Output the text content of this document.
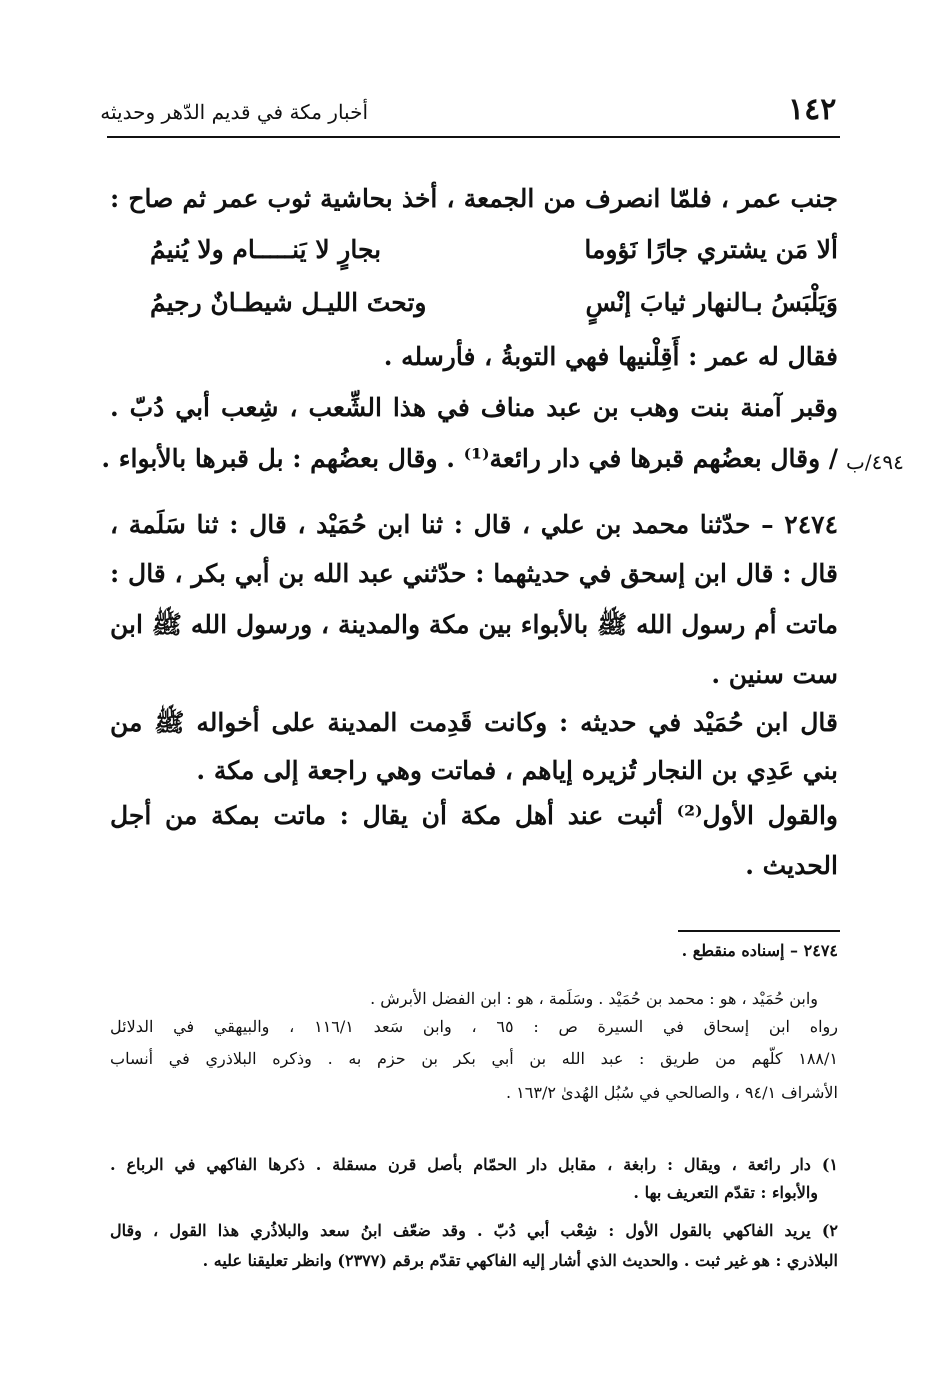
١٤٢
أخبار مكة في قديم الدّهر وحديثه
جنب عمر ، فلمّا انصرف من الجمعة ، أخذ بحاشية ثوب عمر ثم صاح :
ألا مَن يشتري جارًا نَؤوما
بجارٍ لا يَنـــــام ولا يُنيمُ
وَيَلْبَسُ بـالنهار ثيابَ إنْسٍ
وتحتَ الليـل شيطـانٌ رجيمُ
فقال له عمر : أَقِلْنيها فهي التوبةُ ، فأرسله .
وقبر آمنة بنت وهب بن عبد مناف في هذا الشِّعب ، شِعب أبي دُبّ .
/ وقال بعضُهم قبرها في دار رائعة⁽¹⁾ . وقال بعضُهم : بل قبرها بالأبواء . ٤٩٤/ب
٢٤٧٤ – حدّثنا محمد بن علي ، قال : ثنا ابن حُمَيْد ، قال : ثنا سَلَمة ،
قال : قال ابن إسحق في حديثهما : حدّثني عبد الله بن أبي بكر ، قال :
ماتت أم رسول الله ﷺ بالأبواء بين مكة والمدينة ، ورسول الله ﷺ ابن
ست سنين .
قال ابن حُمَيْد في حديثه : وكانت قَدِمت المدينة على أخواله ﷺ من
بني عَدِي بن النجار تُزيره إياهم ، فماتت وهي راجعة إلى مكة .
والقول الأول⁽²⁾ أثبت عند أهل مكة أن يقال : ماتت بمكة من أجل
الحديث .
٢٤٧٤ – إسناده منقطع .
وابن حُمَيْد ، هو : محمد بن حُمَيْد . وسَلَمة ، هو : ابن الفضل الأبرش .
رواه ابن إسحاق في السيرة ص : ٦٥ ، وابن سَعد ١١٦/١ ، والبيهقي في الدلائل
١٨٨/١ كلّهم من طريق : عبد الله بن أبي بكر بن حزم به . وذكره البلاذري في أنساب
الأشراف ٩٤/١ ، والصالحي في سُبُل الهُدىٰ ١٦٣/٢ .
١) دار رائعة ، ويقال : رابغة ، مقابل دار الحمّام بأصل قرن مسقلة . ذكرها الفاكهي في الرباع .
والأبواء : تقدّم التعريف بها .
٢) يريد الفاكهي بالقول الأول : شِعْب أبي دُبّ . وقد ضعّف ابنُ سعد والبلاذُري هذا القول ، وقال
البلاذري : هو غير ثبت . والحديث الذي أشار إليه الفاكهي تقدّم برقم (٢٣٧٧) وانظر تعليقنا عليه .
